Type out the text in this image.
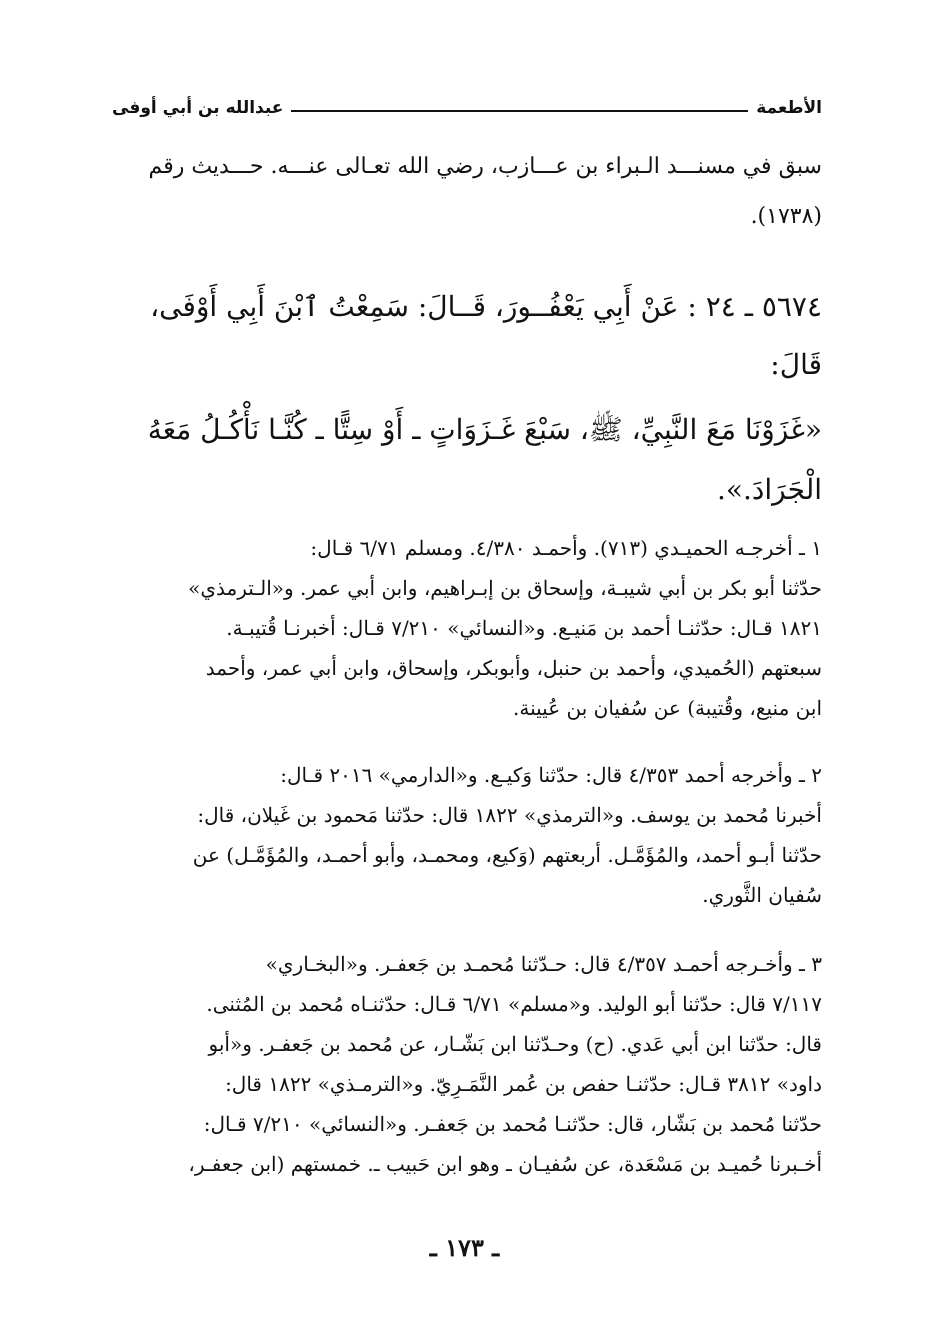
الأطعمة
عبدالله بن أبي أوفى
سبق في مسنـــد الـبراء بن عـــازب، رضي الله تعـالى عنـــه. حـــديث رقم
(١٧٣٨).
٥٦٧٤ ـ ٢٤ : عَنْ أَبِي يَعْفُــورَ، قَــالَ: سَمِعْتُ ٱبْنَ أَبِي أَوْفَى،
قَالَ:
«غَزَوْنَا مَعَ النَّبِيِّ، ﷺ، سَبْعَ غَـزَوَاتٍ ـ أَوْ سِتًّا ـ كُنَّـا نَأْكُـلُ مَعَهُ
الْجَرَادَ.».
١ ـ أخرجـه الحميـدي (٧١٣). وأحمـد ٤/٣٨٠. ومسلم ٦/٧١ قـال:
حدّثنا أبو بكر بن أبي شيبـة، وإسحاق بن إبـراهيم، وابن أبي عمر. و«الـترمذي»
١٨٢١ قـال: حدّثنـا أحمد بن مَنيـع. و«النسائي» ٧/٢١٠ قـال: أخبرنـا قُتيبـة.
سبعتهم (الحُميدي، وأحمد بن حنبل، وأبوبكر، وإسحاق، وابن أبي عمر، وأحمد
ابن منيع، وقُتيبة) عن سُفيان بن عُيينة.
٢ ـ وأخرجه أحمد ٤/٣٥٣ قال: حدّثنا وَكيـع. و«الدارمي» ٢٠١٦ قـال:
أخبرنا مُحمد بن يوسف. و«الترمذي» ١٨٢٢ قال: حدّثنا مَحمود بن غَيلان، قال:
حدّثنا أبـو أحمد، والمُؤَمَّـل. أربعتهم (وَكيع، ومحمـد، وأبو أحمـد، والمُؤَمَّـل) عن
سُفيان الثَّوري.
٣ ـ وأخـرجه أحمـد ٤/٣٥٧ قال: حـدّثنا مُحمـد بن جَعفـر. و«البخـاري»
٧/١١٧ قال: حدّثنا أبو الوليد. و«مسلم» ٦/٧١ قـال: حدّثنـاه مُحمد بن المُثنى.
قال: حدّثنا ابن أبي عَدي. (ح) وحـدّثنا ابن بَشّـار، عن مُحمد بن جَعفـر. و«أبو
داود» ٣٨١٢ قـال: حدّثنـا حفص بن عُمر النَّمَـرِيّ. و«الترمـذي» ١٨٢٢ قال:
حدّثنا مُحمد بن بَشّار، قال: حدّثنـا مُحمد بن جَعفـر. و«النسائي» ٧/٢١٠ قـال:
أخـبرنا حُميـد بن مَسْعَدة، عن سُفيـان ـ وهو ابن حَبيب ـ. خمستهم (ابن جعفـر،
ـ ١٧٣ ـ
